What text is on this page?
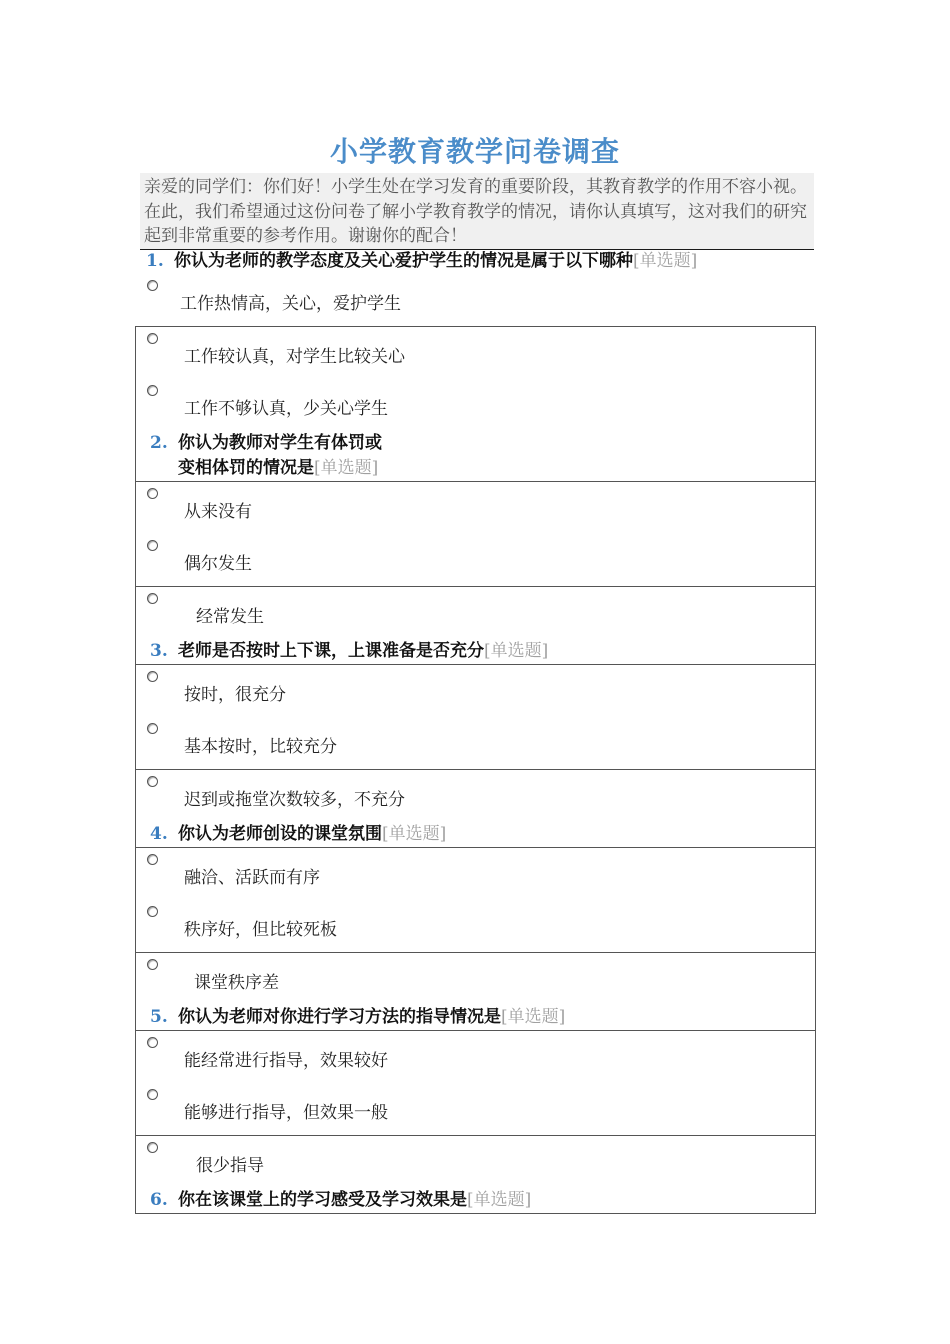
小学教育教学问卷调查
亲爱的同学们：你们好！小学生处在学习发育的重要阶段，其教育教学的作用不容小视。在此，我们希望通过这份问卷了解小学教育教学的情况，请你认真填写，这对我们的研究起到非常重要的参考作用。谢谢你的配合！
1. 你认为老师的教学态度及关心爱护学生的情况是属于以下哪种[单选题]
工作热情高，关心，爱护学生
工作较认真，对学生比较关心
工作不够认真，少关心学生
2. 你认为教师对学生有体罚或
变相体罚的情况是[单选题]
从来没有
偶尔发生
经常发生
3. 老师是否按时上下课，上课准备是否充分[单选题]
按时，很充分
基本按时，比较充分
迟到或拖堂次数较多，不充分
4. 你认为老师创设的课堂氛围[单选题]
融洽、活跃而有序
秩序好，但比较死板
课堂秩序差
5. 你认为老师对你进行学习方法的指导情况是[单选题]
能经常进行指导，效果较好
能够进行指导，但效果一般
很少指导
6. 你在该课堂上的学习感受及学习效果是[单选题]
